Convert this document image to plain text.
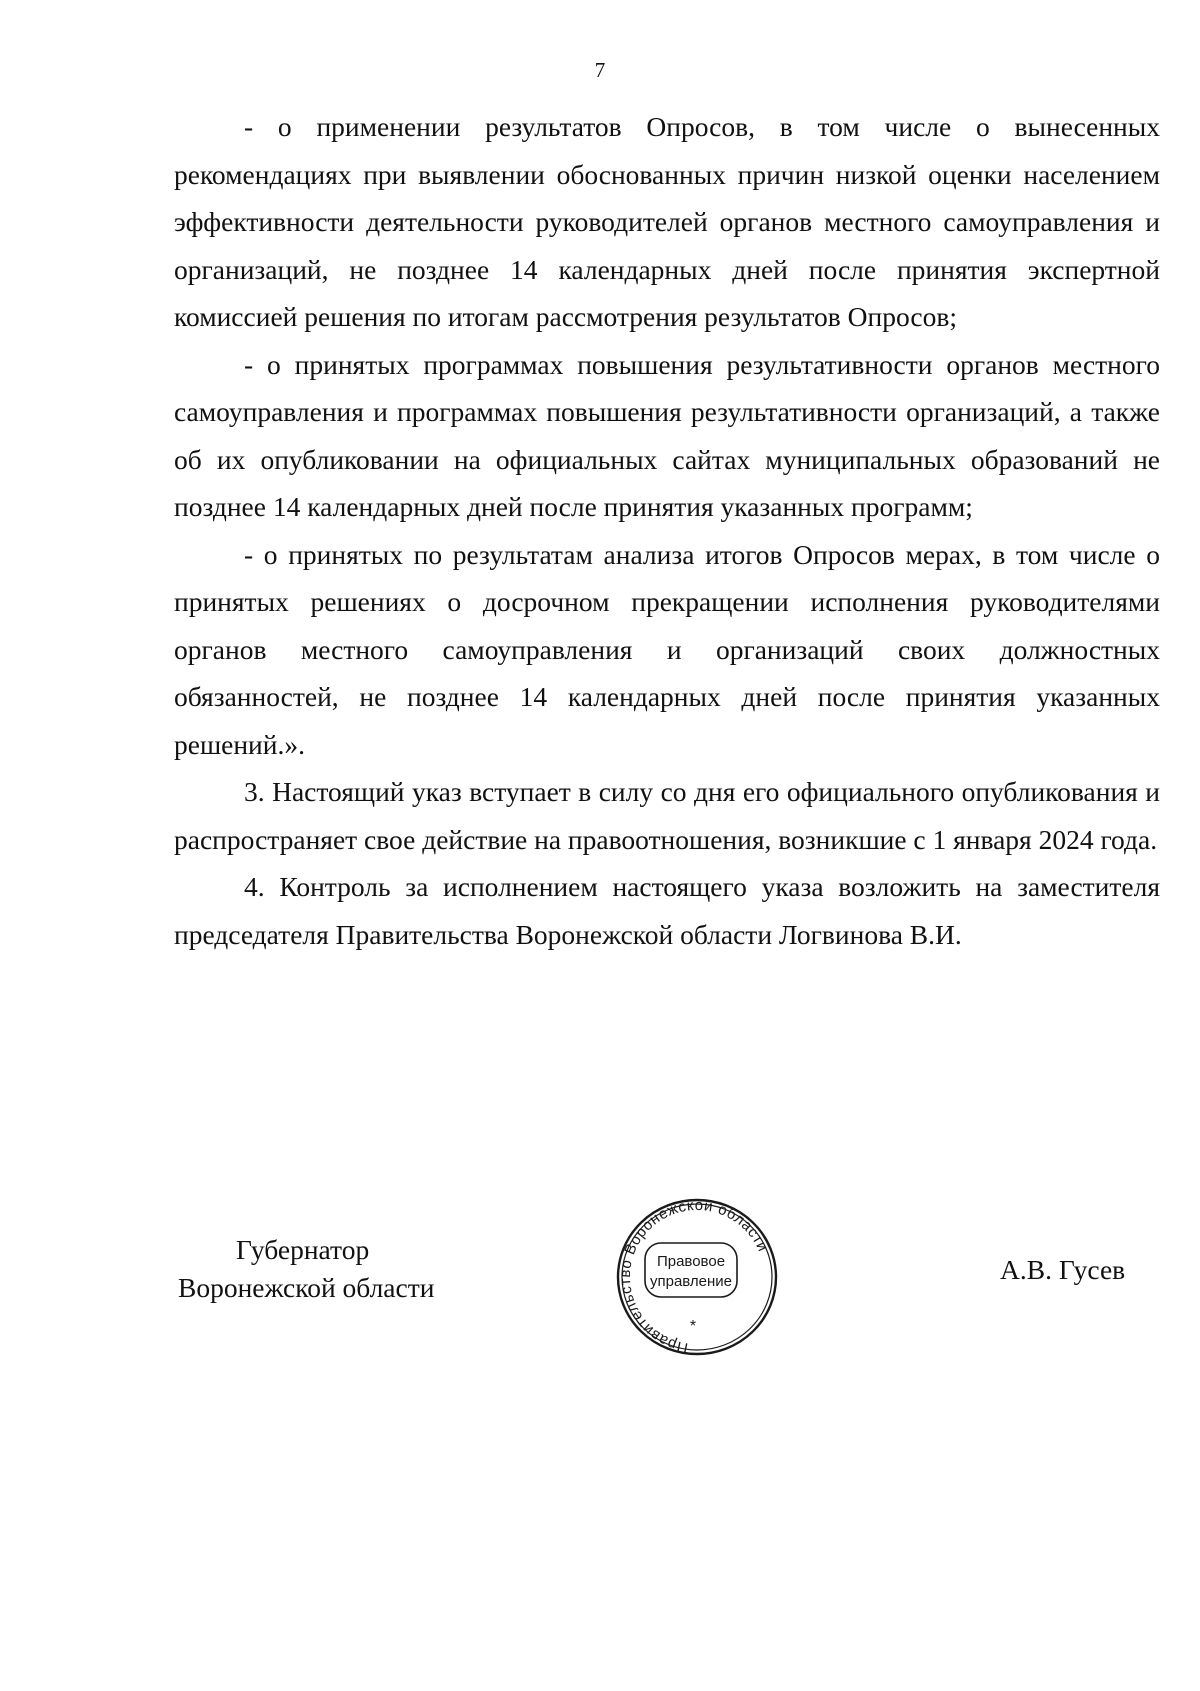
7

- о применении результатов Опросов, в том числе о вынесенных рекомендациях при выявлении обоснованных причин низкой оценки населением эффективности деятельности руководителей органов местного самоуправления и организаций, не позднее 14 календарных дней после принятия экспертной комиссией решения по итогам рассмотрения результатов Опросов;

- о принятых программах повышения результативности органов местного самоуправления и программах повышения результативности организаций, а также об их опубликовании на официальных сайтах муниципальных образований не позднее 14 календарных дней после принятия указанных программ;

- о принятых по результатам анализа итогов Опросов мерах, в том числе о принятых решениях о досрочном прекращении исполнения руководителями органов местного самоуправления и организаций своих должностных обязанностей, не позднее 14 календарных дней после принятия указанных решений.».

3. Настоящий указ вступает в силу со дня его официального опубликования и распространяет свое действие на правоотношения, возникшие с 1 января 2024 года.

4. Контроль за исполнением настоящего указа возложить на заместителя председателя Правительства Воронежской области Логвинова В.И.

Губернатор
Воронежской области
Правительство Воронежской области
Правовое
управление
*
А.В. Гусев
